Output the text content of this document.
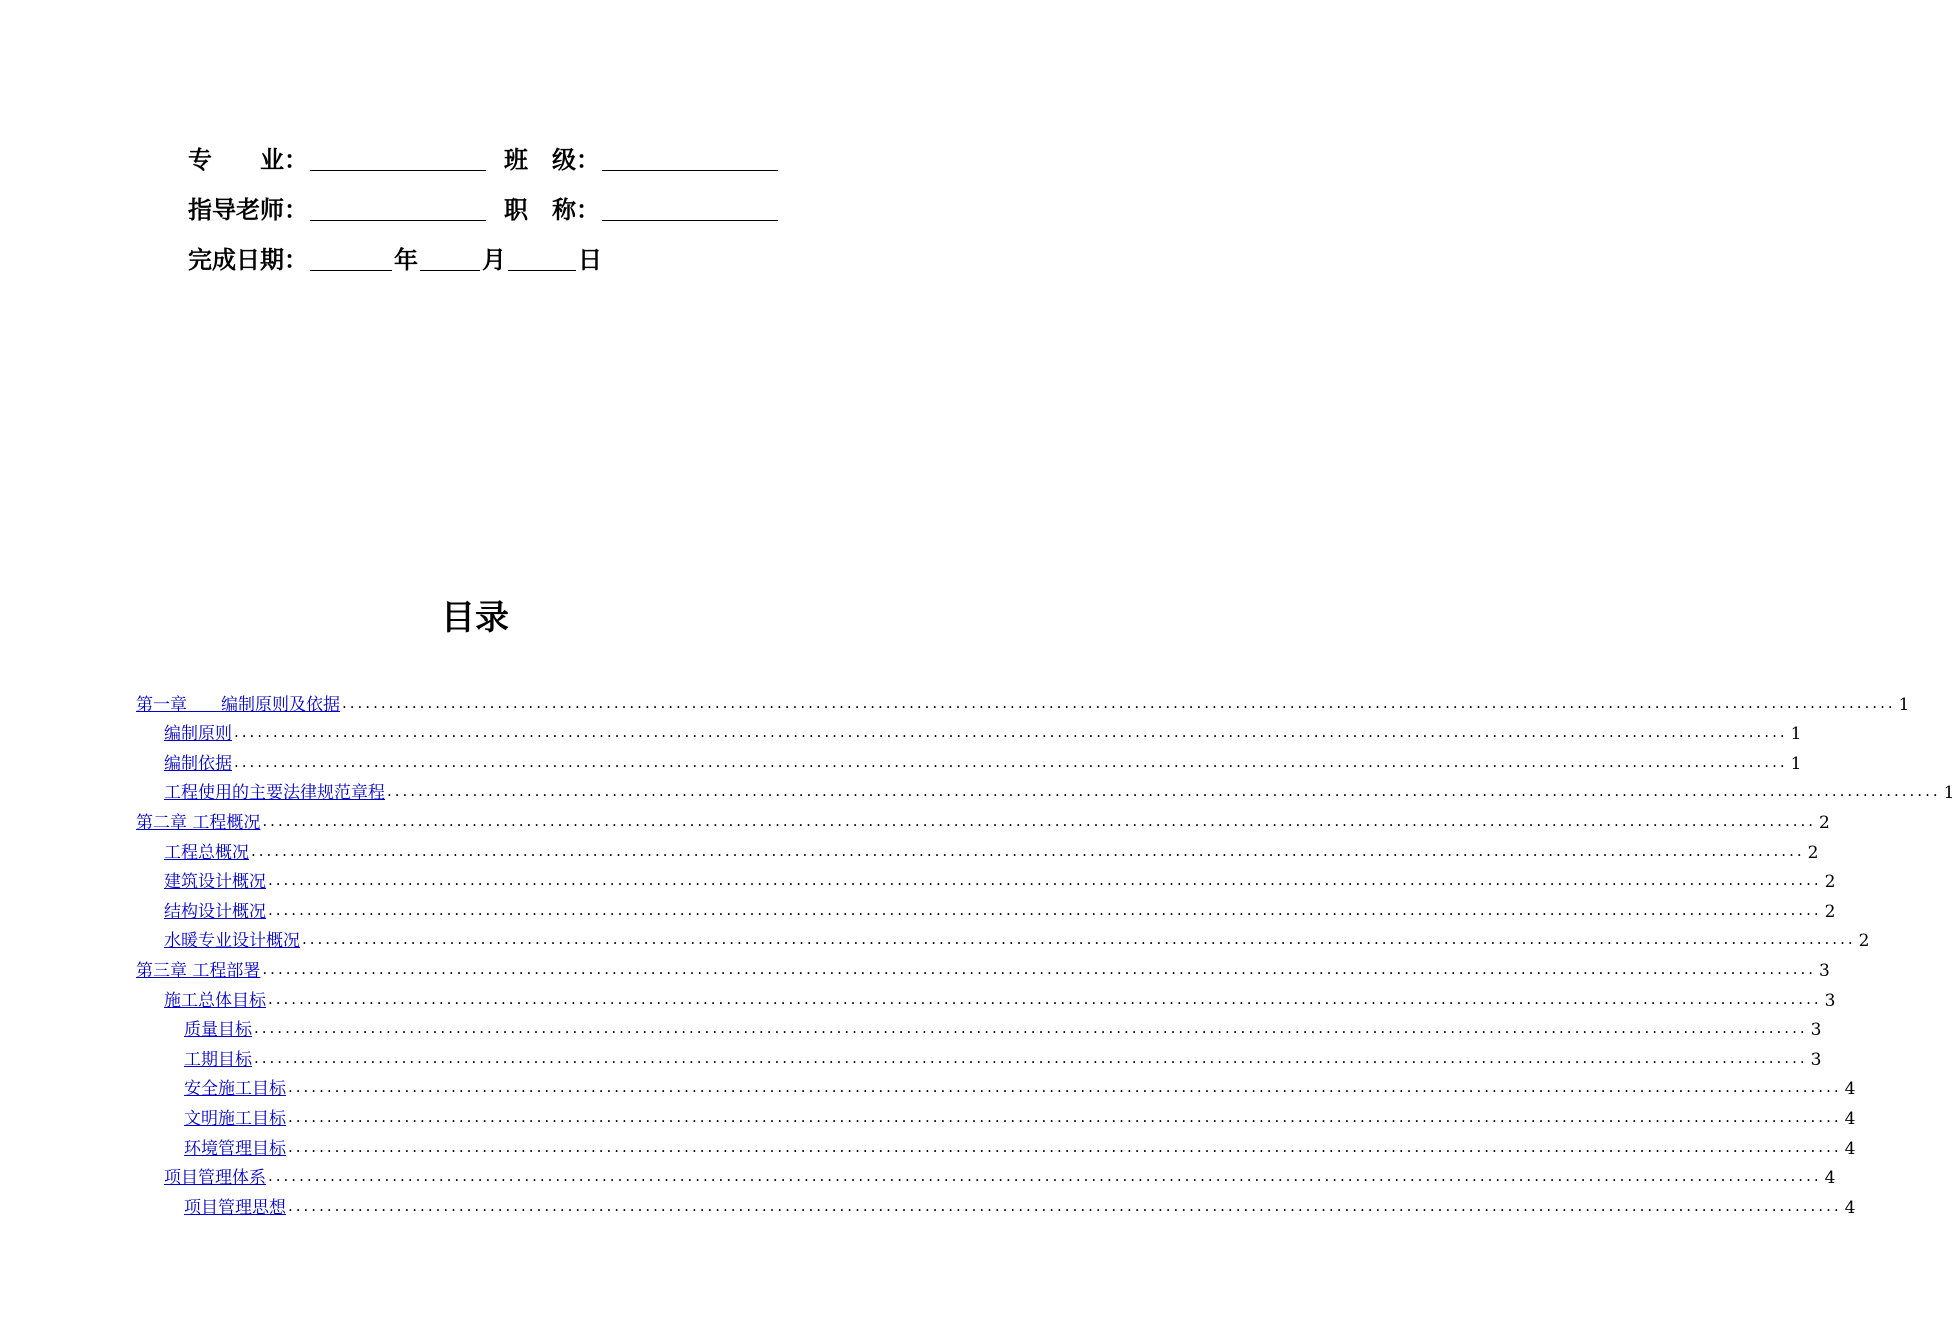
专　　业：	班　级：
指导老师：	职　称：
完成日期：	年	月	日
目录
第一章　　编制原则及依据 ........................................................................................................................................................................................................ 1
编制原则 ........................................................................................................................................................................................................ 1
编制依据 ........................................................................................................................................................................................................ 1
工程使用的主要法律规范章程 ........................................................................................................................................................................................................ 1
第二章 工程概况 ........................................................................................................................................................................................................ 2
工程总概况 ........................................................................................................................................................................................................ 2
建筑设计概况 ........................................................................................................................................................................................................ 2
结构设计概况 ........................................................................................................................................................................................................ 2
水暖专业设计概况 ........................................................................................................................................................................................................ 2
第三章 工程部署 ........................................................................................................................................................................................................ 3
施工总体目标 ........................................................................................................................................................................................................ 3
质量目标 ........................................................................................................................................................................................................ 3
工期目标 ........................................................................................................................................................................................................ 3
安全施工目标 ........................................................................................................................................................................................................ 4
文明施工目标 ........................................................................................................................................................................................................ 4
环境管理目标 ........................................................................................................................................................................................................ 4
项目管理体系 ........................................................................................................................................................................................................ 4
项目管理思想 ........................................................................................................................................................................................................ 4
